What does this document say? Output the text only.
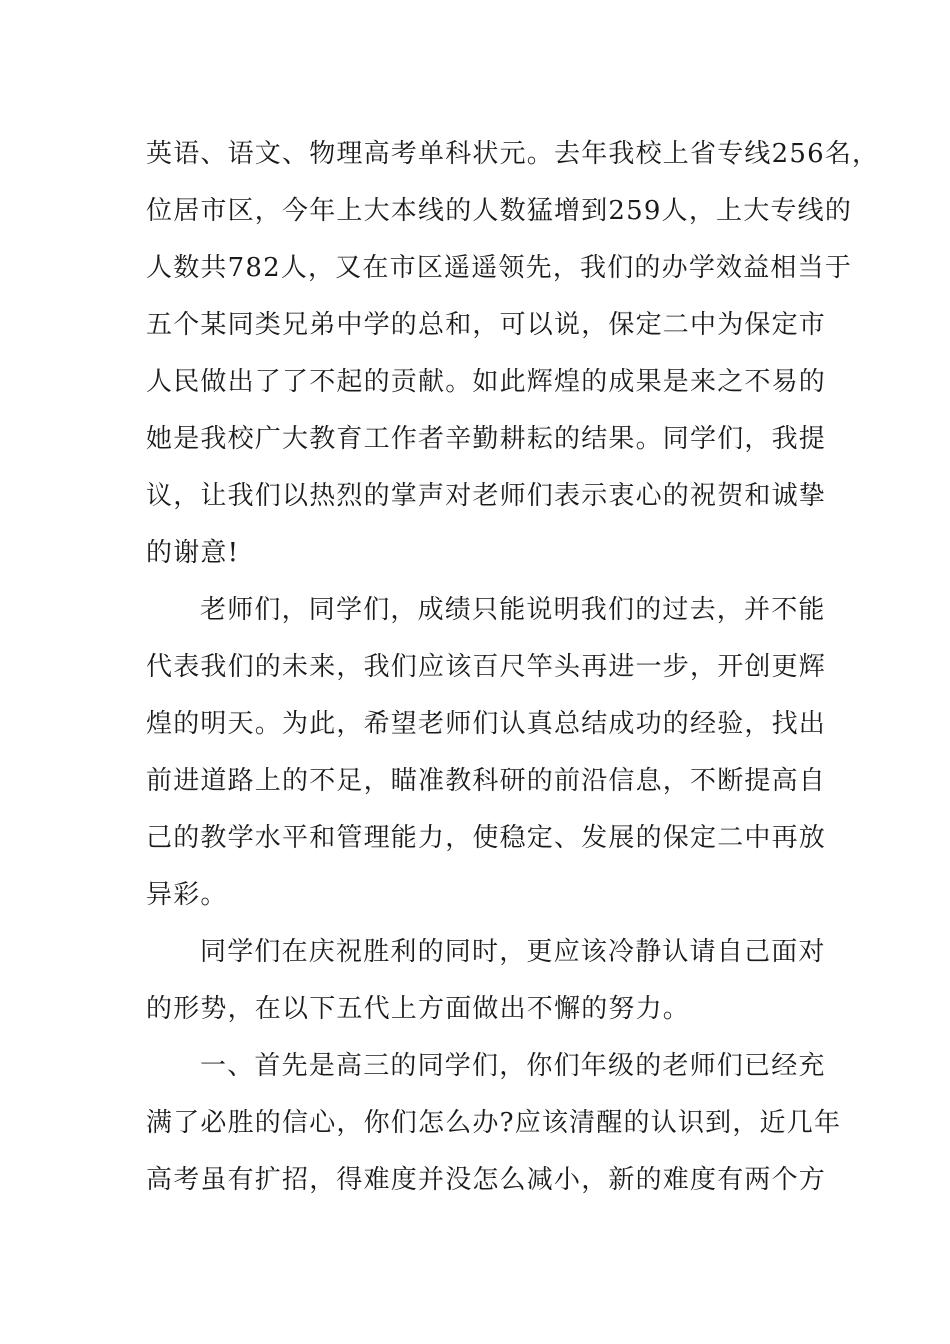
英语、语文、物理高考单科状元。去年我校上省专线256名，
位居市区，今年上大本线的人数猛增到259人，上大专线的
人数共782人，又在市区遥遥领先，我们的办学效益相当于
五个某同类兄弟中学的总和，可以说，保定二中为保定市
人民做出了了不起的贡献。如此辉煌的成果是来之不易的
她是我校广大教育工作者辛勤耕耘的结果。同学们，我提
议，让我们以热烈的掌声对老师们表示衷心的祝贺和诚挚
的谢意!
老师们，同学们，成绩只能说明我们的过去，并不能
代表我们的未来，我们应该百尺竿头再进一步，开创更辉
煌的明天。为此，希望老师们认真总结成功的经验，找出
前进道路上的不足，瞄准教科研的前沿信息，不断提高自
己的教学水平和管理能力，使稳定、发展的保定二中再放
异彩。
同学们在庆祝胜利的同时，更应该冷静认请自己面对
的形势，在以下五代上方面做出不懈的努力。
一、首先是高三的同学们，你们年级的老师们已经充
满了必胜的信心，你们怎么办?应该清醒的认识到，近几年
高考虽有扩招，得难度并没怎么减小，新的难度有两个方
